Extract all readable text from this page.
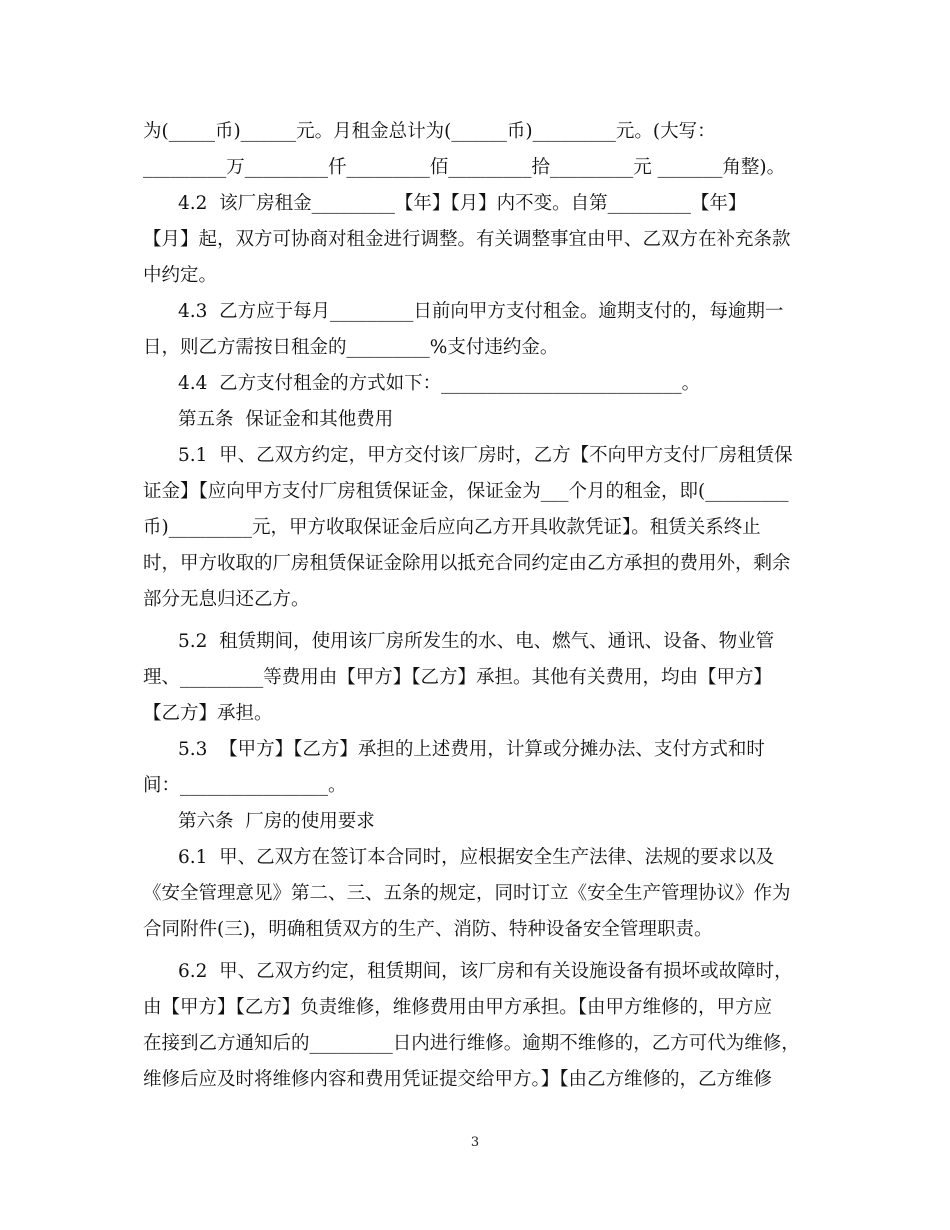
为(_____币)______元。月租金总计为(______币)_________元。(大写：
_________万_________仟_________佰_________拾_________元 _______角整)。
4.2  该厂房租金_________【年】【月】内不变。自第_________【年】
【月】起，双方可协商对租金进行调整。有关调整事宜由甲、乙双方在补充条款
中约定。
4.3  乙方应于每月_________日前向甲方支付租金。逾期支付的，每逾期一
日，则乙方需按日租金的_________%支付违约金。
4.4  乙方支付租金的方式如下：__________________________。
第五条  保证金和其他费用
5.1  甲、乙双方约定，甲方交付该厂房时，乙方【不向甲方支付厂房租赁保
证金】【应向甲方支付厂房租赁保证金，保证金为___个月的租金，即(_________
币)_________元，甲方收取保证金后应向乙方开具收款凭证】。租赁关系终止
时，甲方收取的厂房租赁保证金除用以抵充合同约定由乙方承担的费用外，剩余
部分无息归还乙方。
5.2  租赁期间，使用该厂房所发生的水、电、燃气、通讯、设备、物业管
理、_________等费用由【甲方】【乙方】承担。其他有关费用，均由【甲方】
【乙方】承担。
5.3  【甲方】【乙方】承担的上述费用，计算或分摊办法、支付方式和时
间：________________。
第六条  厂房的使用要求
6.1  甲、乙双方在签订本合同时，应根据安全生产法律、法规的要求以及
《安全管理意见》第二、三、五条的规定，同时订立《安全生产管理协议》作为
合同附件(三)，明确租赁双方的生产、消防、特种设备安全管理职责。
6.2  甲、乙双方约定，租赁期间，该厂房和有关设施设备有损坏或故障时，
由【甲方】【乙方】负责维修，维修费用由甲方承担。【由甲方维修的，甲方应
在接到乙方通知后的_________日内进行维修。逾期不维修的，乙方可代为维修，
维修后应及时将维修内容和费用凭证提交给甲方。】【由乙方维修的，乙方维修
3
